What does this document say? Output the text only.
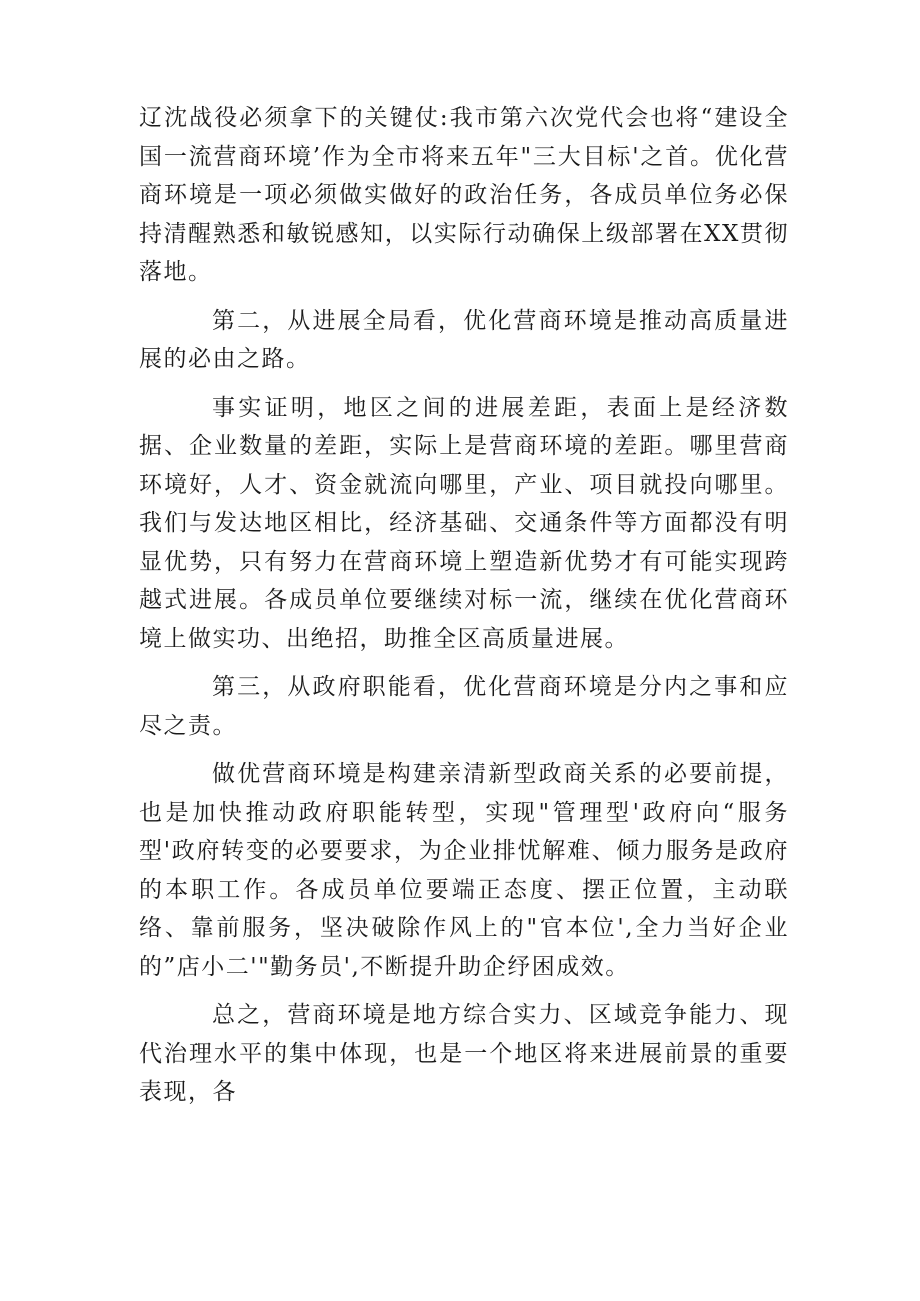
辽沈战役必须拿下的关键仗:我市第六次党代会也将“建设全国一流营商环境’作为全市将来五年"三大目标'之首。优化营商环境是一项必须做实做好的政治任务，各成员单位务必保持清醒熟悉和敏锐感知，以实际行动确保上级部署在XX贯彻落地。

第二，从进展全局看，优化营商环境是推动高质量进展的必由之路。

事实证明，地区之间的进展差距，表面上是经济数据、企业数量的差距，实际上是营商环境的差距。哪里营商环境好，人才、资金就流向哪里，产业、项目就投向哪里。我们与发达地区相比，经济基础、交通条件等方面都没有明显优势，只有努力在营商环境上塑造新优势才有可能实现跨越式进展。各成员单位要继续对标一流，继续在优化营商环境上做实功、出绝招，助推全区高质量进展。

第三，从政府职能看，优化营商环境是分内之事和应尽之责。

做优营商环境是构建亲清新型政商关系的必要前提，也是加快推动政府职能转型，实现"管理型'政府向“服务型'政府转变的必要要求，为企业排忧解难、倾力服务是政府的本职工作。各成员单位要端正态度、摆正位置，主动联络、靠前服务，坚决破除作风上的"官本位',全力当好企业的”店小二'"勤务员',不断提升助企纾困成效。

总之，营商环境是地方综合实力、区域竞争能力、现代治理水平的集中体现，也是一个地区将来进展前景的重要表现，各
